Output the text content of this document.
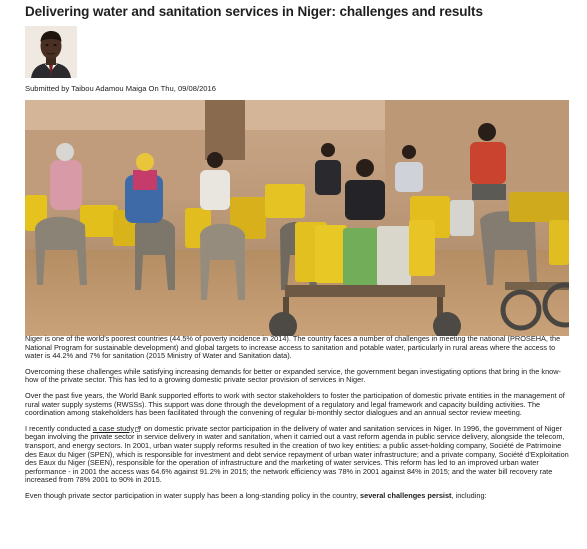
Delivering water and sanitation services in Niger: challenges and results
Submitted by Taibou Adamou Maiga On Thu, 09/08/2016

Niger is one of the world's poorest countries (44.5% of poverty incidence in 2014). The country faces a number of challenges in meeting the national (PROSEHA, the National Program for sustainable development) and global targets to increase access to sanitation and potable water, particularly in rural areas where the access to water is 44.2% and 7% for sanitation (2015 Ministry of Water and Sanitation data).

Overcoming these challenges while satisfying increasing demands for better or expanded service, the government began investigating options that bring in the know-how of the private sector. This has led to a growing domestic private sector provision of services in Niger.

Over the past five years, the World Bank supported efforts to work with sector stakeholders to foster the participation of domestic private entities in the management of rural water supply systems (RWSSs). This support was done through the development of a regulatory and legal framework and capacity building activities. The coordination among stakeholders has been facilitated through the convening of regular bi-monthly sector dialogues and an annual sector review meeting.

I recently conducted a case study on domestic private sector participation in the delivery of water and sanitation services in Niger. In 1996, the government of Niger began involving the private sector in service delivery in water and sanitation, when it carried out a vast reform agenda in public service delivery, alongside the telecom, transport, and energy sectors. In 2001, urban water supply reforms resulted in the creation of two key entities: a public asset-holding company, Société de Patrimoine des Eaux du Niger (SPEN), which is responsible for investment and debt service repayment of urban water infrastructure; and a private company, Société d'Exploitation des Eaux du Niger (SEEN), responsible for the operation of infrastructure and the marketing of water services. This reform has led to an improved urban water performance - in 2001 the access was 64.6% against 91.2% in 2015; the network efficiency was 78% in 2001 against 84% in 2015; and the water bill recovery rate increased from 78% 2001 to 90% in 2015.

Even though private sector participation in water supply has been a long-standing policy in the country, several challenges persist, including:
